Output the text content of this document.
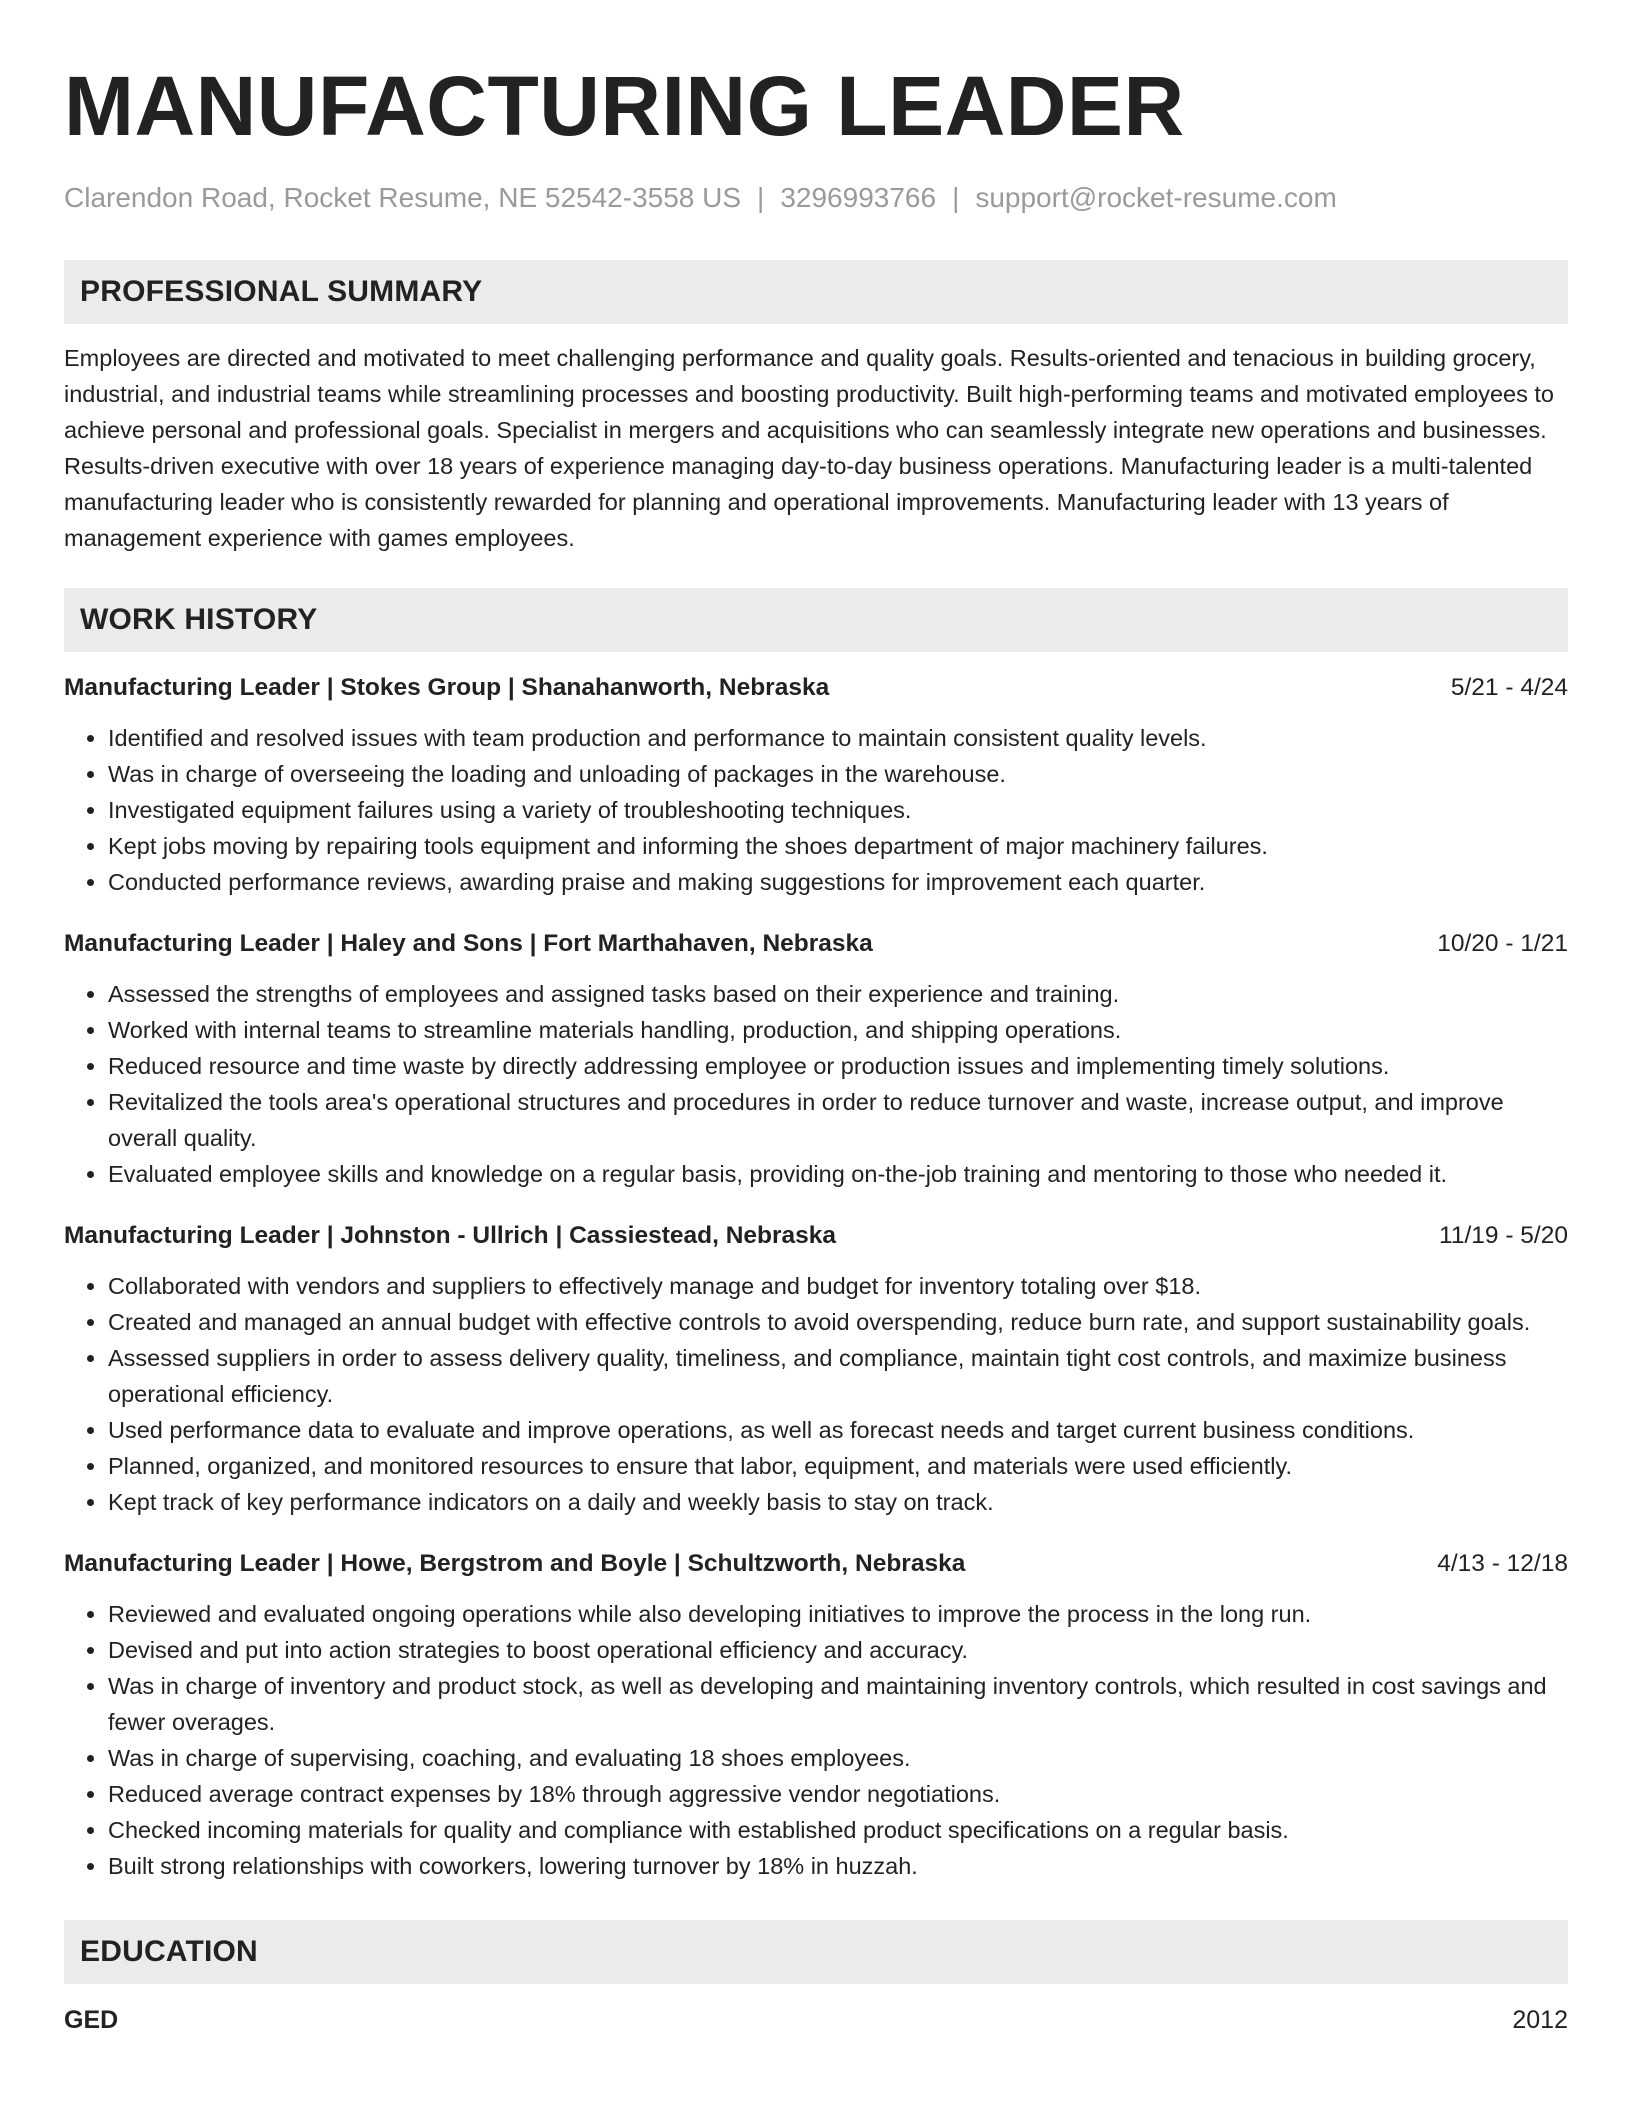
MANUFACTURING LEADER
Clarendon Road, Rocket Resume, NE 52542-3558 US | 3296993766 | support@rocket-resume.com
PROFESSIONAL SUMMARY

Employees are directed and motivated to meet challenging performance and quality goals. Results-oriented and tenacious in building grocery, industrial, and industrial teams while streamlining processes and boosting productivity. Built high-performing teams and motivated employees to achieve personal and professional goals. Specialist in mergers and acquisitions who can seamlessly integrate new operations and businesses. Results-driven executive with over 18 years of experience managing day-to-day business operations. Manufacturing leader is a multi-talented manufacturing leader who is consistently rewarded for planning and operational improvements. Manufacturing leader with 13 years of management experience with games employees.

WORK HISTORY
Manufacturing Leader | Stokes Group | Shanahanworth, Nebraska	5/21 - 4/24
• Identified and resolved issues with team production and performance to maintain consistent quality levels.
• Was in charge of overseeing the loading and unloading of packages in the warehouse.
• Investigated equipment failures using a variety of troubleshooting techniques.
• Kept jobs moving by repairing tools equipment and informing the shoes department of major machinery failures.
• Conducted performance reviews, awarding praise and making suggestions for improvement each quarter.
Manufacturing Leader | Haley and Sons | Fort Marthahaven, Nebraska	10/20 - 1/21
• Assessed the strengths of employees and assigned tasks based on their experience and training.
• Worked with internal teams to streamline materials handling, production, and shipping operations.
• Reduced resource and time waste by directly addressing employee or production issues and implementing timely solutions.
• Revitalized the tools area's operational structures and procedures in order to reduce turnover and waste, increase output, and improve overall quality.
• Evaluated employee skills and knowledge on a regular basis, providing on-the-job training and mentoring to those who needed it.
Manufacturing Leader | Johnston - Ullrich | Cassiestead, Nebraska	11/19 - 5/20
• Collaborated with vendors and suppliers to effectively manage and budget for inventory totaling over $18.
• Created and managed an annual budget with effective controls to avoid overspending, reduce burn rate, and support sustainability goals.
• Assessed suppliers in order to assess delivery quality, timeliness, and compliance, maintain tight cost controls, and maximize business operational efficiency.
• Used performance data to evaluate and improve operations, as well as forecast needs and target current business conditions.
• Planned, organized, and monitored resources to ensure that labor, equipment, and materials were used efficiently.
• Kept track of key performance indicators on a daily and weekly basis to stay on track.
Manufacturing Leader | Howe, Bergstrom and Boyle | Schultzworth, Nebraska	4/13 - 12/18
• Reviewed and evaluated ongoing operations while also developing initiatives to improve the process in the long run.
• Devised and put into action strategies to boost operational efficiency and accuracy.
• Was in charge of inventory and product stock, as well as developing and maintaining inventory controls, which resulted in cost savings and fewer overages.
• Was in charge of supervising, coaching, and evaluating 18 shoes employees.
• Reduced average contract expenses by 18% through aggressive vendor negotiations.
• Checked incoming materials for quality and compliance with established product specifications on a regular basis.
• Built strong relationships with coworkers, lowering turnover by 18% in huzzah.
EDUCATION
GED	2012
